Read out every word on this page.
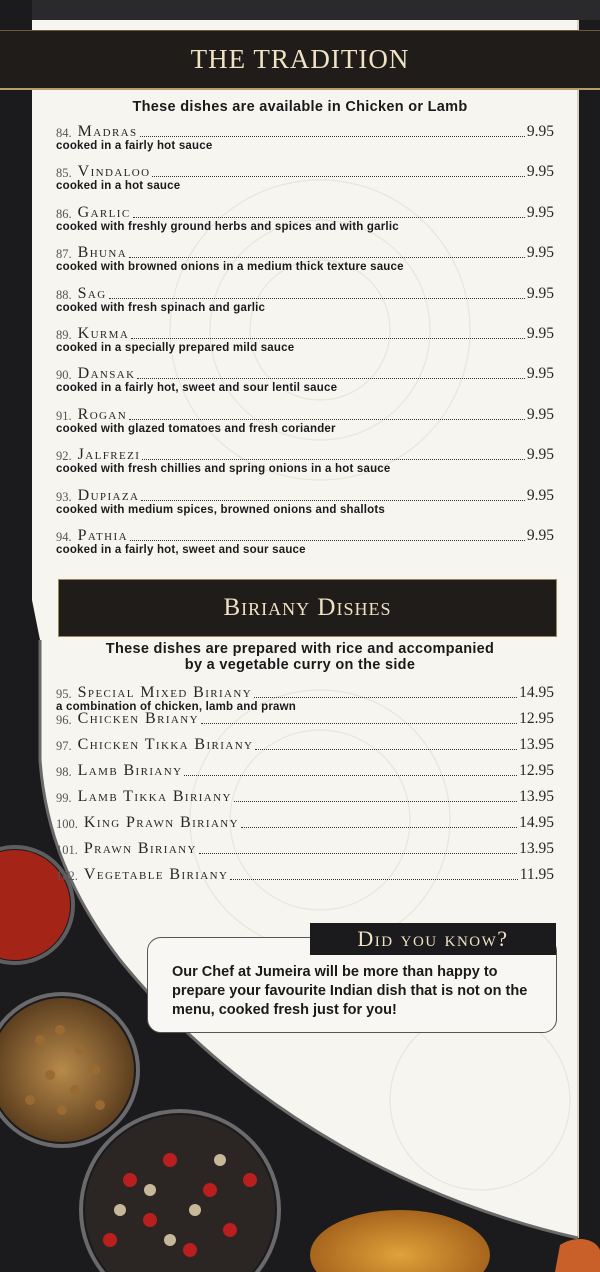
THE TRADITION
These dishes are available in Chicken or Lamb
84. Madras	9.95
cooked in a fairly hot sauce
85. Vindaloo	9.95
cooked in a hot sauce
86. Garlic	9.95
cooked with freshly ground herbs and spices and with garlic
87. Bhuna	9.95
cooked with browned onions in a medium thick texture sauce
88. Sag	9.95
cooked with fresh spinach and garlic
89. Kurma	9.95
cooked in a specially prepared mild sauce
90. Dansak	9.95
cooked in a fairly hot, sweet and sour lentil sauce
91. Rogan	9.95
cooked with glazed tomatoes and fresh coriander
92. Jalfrezi	9.95
cooked with fresh chillies and spring onions in a hot sauce
93. Dupiaza	9.95
cooked with medium spices, browned onions and shallots
94. Pathia	9.95
cooked in a fairly hot, sweet and sour sauce
Biriany Dishes
These dishes are prepared with rice and accompanied
by a vegetable curry on the side
95. Special Mixed Biriany	14.95
a combination of chicken, lamb and prawn
96. Chicken Briany	12.95
97. Chicken Tikka Biriany	13.95
98. Lamb Biriany	12.95
99. Lamb Tikka Biriany	13.95
100. King Prawn Biriany	14.95
101. Prawn Biriany	13.95
102. Vegetable Biriany	11.95
Did you know?
Our Chef at Jumeira will be more than happy to prepare your favourite Indian dish that is not on the menu, cooked fresh just for you!
